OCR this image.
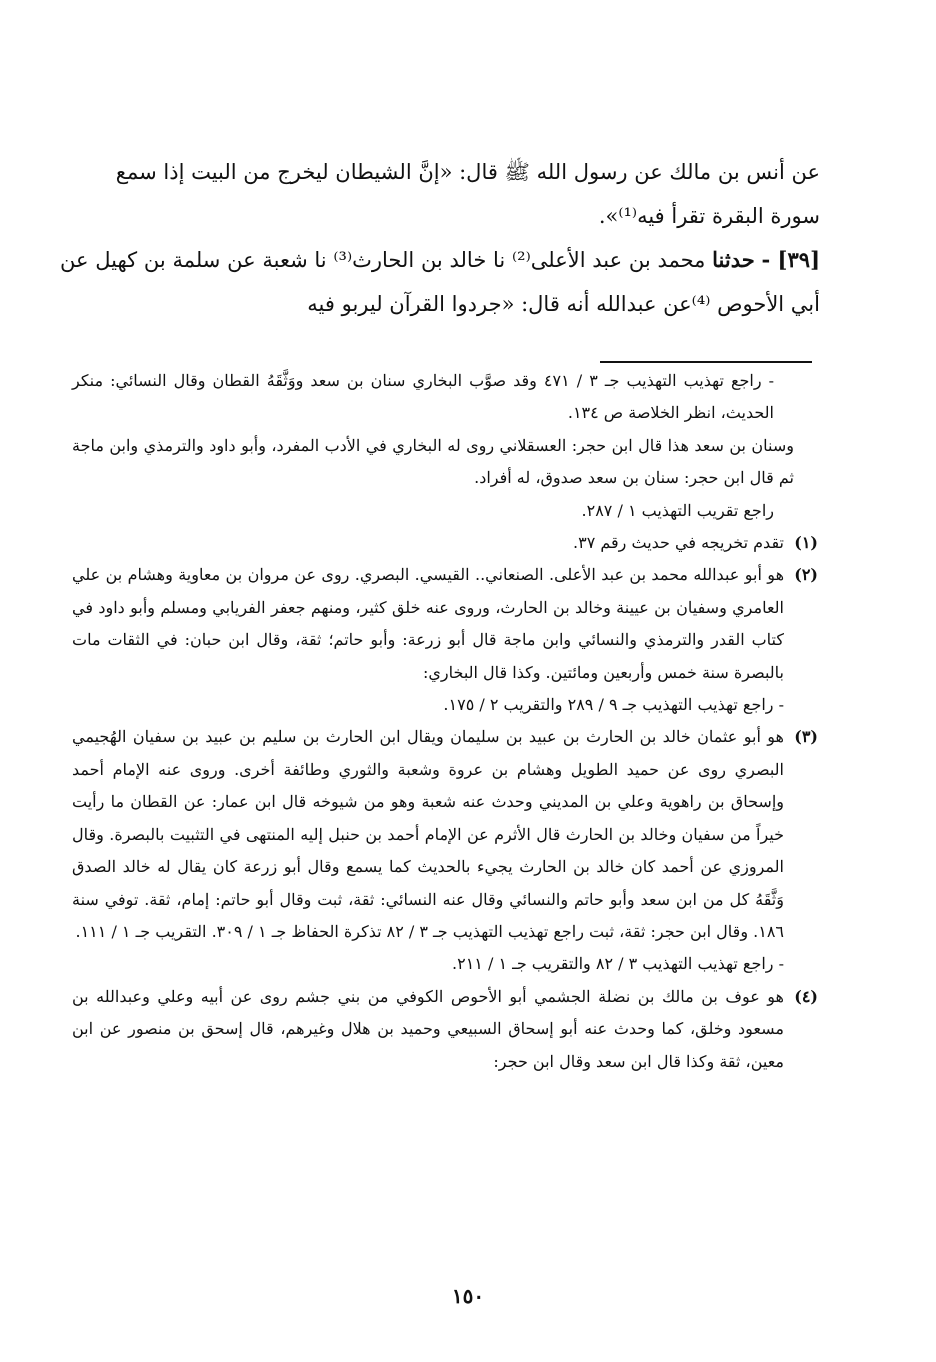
عن أنس بن مالك عن رسول الله ﷺ قال: «إنَّ الشيطان ليخرج من البيت إذا سمع

سورة البقرة تقرأ فيه⁽¹⁾».

[٣٩] - حدثنا محمد بن عبد الأعلى⁽²⁾ نا خالد بن الحارث⁽³⁾ نا شعبة عن سلمة بن كهيل عن أبي الأحوص ⁽⁴⁾عن عبدالله أنه قال: «جردوا القرآن ليربو فيه

- راجع تهذيب التهذيب جـ ٣ / ٤٧١ وقد صوَّب البخاري سنان بن سعد ووَثَّقَهُ القطان وقال النسائي: منكر الحديث، انظر الخلاصة ص ١٣٤.

وسنان بن سعد هذا قال ابن حجر: العسقلاني روى له البخاري في الأدب المفرد، وأبو داود والترمذي وابن ماجة ثم قال ابن حجر: سنان بن سعد صدوق، له أفراد.

راجع تقريب التهذيب ١ / ٢٨٧.

(١)

تقدم تخريجه في حديث رقم ٣٧.

(٢)

هو أبو عبدالله محمد بن عبد الأعلى. الصنعاني.. القيسي. البصري. روى عن مروان بن معاوية وهشام بن علي العامري وسفيان بن عيينة وخالد بن الحارث، وروى عنه خلق كثير، ومنهم جعفر الفريابي ومسلم وأبو داود في كتاب القدر والترمذي والنسائي وابن ماجة قال أبو زرعة: وأبو حاتم؛ ثقة، وقال ابن حبان: في الثقات مات بالبصرة سنة خمس وأربعين ومائتين. وكذا قال البخاري:

- راجع تهذيب التهذيب جـ ٩ / ٢٨٩ والتقريب ٢ / ١٧٥.

(٣)

هو أبو عثمان خالد بن الحارث بن عبيد بن سليمان ويقال ابن الحارث بن سليم بن عبيد بن سفيان الهُجيمي البصري روى عن حميد الطويل وهشام بن عروة وشعبة والثوري وطائفة أخرى. وروى عنه الإمام أحمد وإسحاق بن راهوية وعلي بن المديني وحدث عنه شعبة وهو من شيوخه قال ابن عمار: عن القطان ما رأيت خيراً من سفيان وخالد بن الحارث قال الأثرم عن الإمام أحمد بن حنبل إليه المنتهى في التثبيت بالبصرة. وقال المروزي عن أحمد كان خالد بن الحارث يجيء بالحديث كما يسمع وقال أبو زرعة كان يقال له خالد الصدق وَثَّقَهُ كل من ابن سعد وأبو حاتم والنسائي وقال عنه النسائي: ثقة، ثبت وقال أبو حاتم: إمام، ثقة. توفي سنة ١٨٦. وقال ابن حجر: ثقة، ثبت راجع تهذيب التهذيب جـ ٣ / ٨٢ تذكرة الحفاظ جـ ١ / ٣٠٩. التقريب جـ ١ / ١١١.

- راجع تهذيب التهذيب ٣ / ٨٢ والتقريب جـ ١ / ٢١١.

(٤)

هو عوف بن مالك بن نضلة الجشمي أبو الأحوص الكوفي من بني جشم روى عن أبيه وعلي وعبدالله بن مسعود وخلق، كما وحدث عنه أبو إسحاق السبيعي وحميد بن هلال وغيرهم، قال إسحق بن منصور عن ابن معين، ثقة وكذا قال ابن سعد وقال ابن حجر:

١٥٠
